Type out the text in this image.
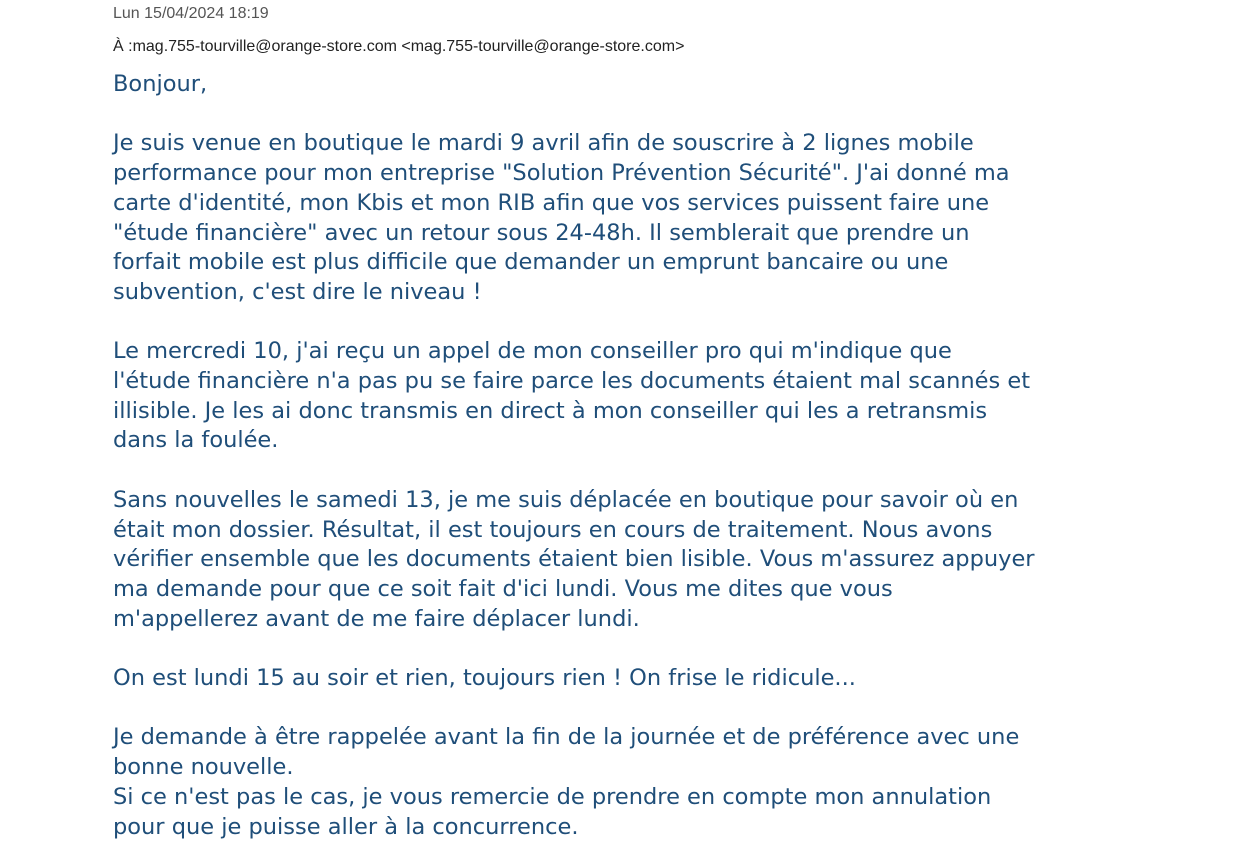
Lun 15/04/2024 18:19
À :mag.755-tourville@orange-store.com <mag.755-tourville@orange-store.com>

Bonjour,

Je suis venue en boutique le mardi 9 avril afin de souscrire à 2 lignes mobile

performance pour mon entreprise "Solution Prévention Sécurité". J'ai donné ma

carte d'identité, mon Kbis et mon RIB afin que vos services puissent faire une

"étude financière" avec un retour sous 24-48h. Il semblerait que prendre un

forfait mobile est plus difficile que demander un emprunt bancaire ou une

subvention, c'est dire le niveau !

Le mercredi 10, j'ai reçu un appel de mon conseiller pro qui m'indique que

l'étude financière n'a pas pu se faire parce les documents étaient mal scannés et

illisible. Je les ai donc transmis en direct à mon conseiller qui les a retransmis

dans la foulée.

Sans nouvelles le samedi 13, je me suis déplacée en boutique pour savoir où en

était mon dossier. Résultat, il est toujours en cours de traitement. Nous avons

vérifier ensemble que les documents étaient bien lisible. Vous m'assurez appuyer

ma demande pour que ce soit fait d'ici lundi. Vous me dites que vous

m'appellerez avant de me faire déplacer lundi.

On est lundi 15 au soir et rien, toujours rien ! On frise le ridicule...

Je demande à être rappelée avant la fin de la journée et de préférence avec une

bonne nouvelle.

Si ce n'est pas le cas, je vous remercie de prendre en compte mon annulation

pour que je puisse aller à la concurrence.
